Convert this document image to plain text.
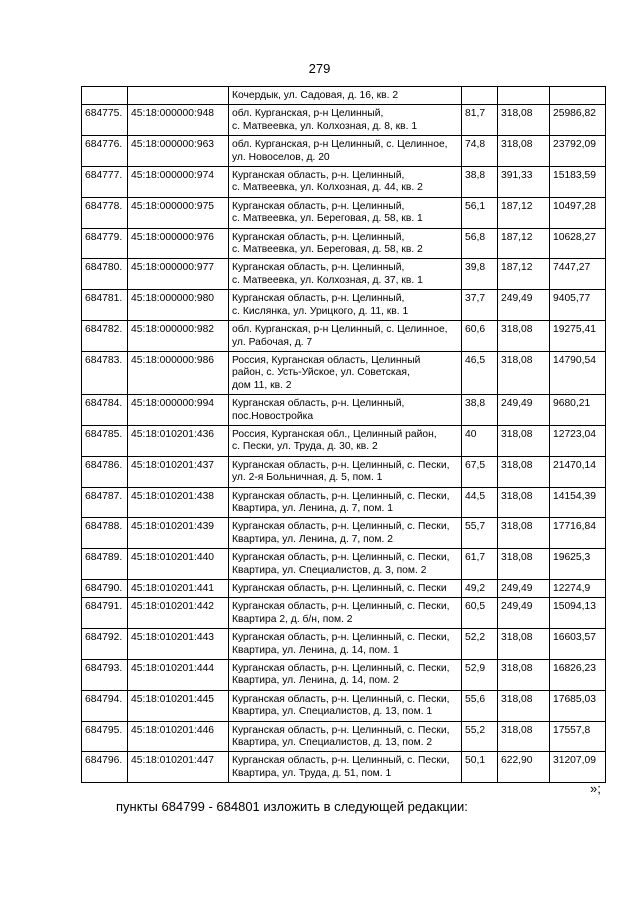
279

		Кочердык, ул. Садовая, д. 16, кв. 2			

684775.	45:18:000000:948	обл. Курганская, р-н Целинный,
с. Матвеевка, ул. Колхозная, д. 8, кв. 1	81,7	318,08	25986,82
684776.	45:18:000000:963	обл. Курганская, р-н Целинный, с. Целинное,
ул. Новоселов, д. 20	74,8	318,08	23792,09
684777.	45:18:000000:974	Курганская область, р-н. Целинный,
с. Матвеевка, ул. Колхозная, д. 44, кв. 2	38,8	391,33	15183,59
684778.	45:18:000000:975	Курганская область, р-н. Целинный,
с. Матвеевка, ул. Береговая, д. 58, кв. 1	56,1	187,12	10497,28
684779.	45:18:000000:976	Курганская область, р-н. Целинный,
с. Матвеевка, ул. Береговая, д. 58, кв. 2	56,8	187,12	10628,27
684780.	45:18:000000:977	Курганская область, р-н. Целинный,
с. Матвеевка, ул. Колхозная, д. 37, кв. 1	39,8	187,12	7447,27
684781.	45:18:000000:980	Курганская область, р-н. Целинный,
с. Кислянка, ул. Урицкого, д. 11, кв. 1	37,7	249,49	9405,77
684782.	45:18:000000:982	обл. Курганская, р-н Целинный, с. Целинное,
ул. Рабочая, д. 7	60,6	318,08	19275,41
684783.	45:18:000000:986	Россия, Курганская область, Целинный
район, с. Усть-Уйское, ул. Советская,
дом 11, кв. 2	46,5	318,08	14790,54
684784.	45:18:000000:994	Курганская область, р-н. Целинный,
пос.Новостройка	38,8	249,49	9680,21
684785.	45:18:010201:436	Россия, Курганская обл., Целинный район,
с. Пески, ул. Труда, д. 30, кв. 2	40	318,08	12723,04
684786.	45:18:010201:437	Курганская область, р-н. Целинный, с. Пески,
ул. 2-я Больничная, д. 5, пом. 1	67,5	318,08	21470,14
684787.	45:18:010201:438	Курганская область, р-н. Целинный, с. Пески,
Квартира, ул. Ленина, д. 7, пом. 1	44,5	318,08	14154,39
684788.	45:18:010201:439	Курганская область, р-н. Целинный, с. Пески,
Квартира, ул. Ленина, д. 7, пом. 2	55,7	318,08	17716,84
684789.	45:18:010201:440	Курганская область, р-н. Целинный, с. Пески,
Квартира, ул. Специалистов, д. 3, пом. 2	61,7	318,08	19625,3
684790.	45:18:010201:441	Курганская область, р-н. Целинный, с. Пески	49,2	249,49	12274,9
684791.	45:18:010201:442	Курганская область, р-н. Целинный, с. Пески,
Квартира 2, д. б/н, пом. 2	60,5	249,49	15094,13
684792.	45:18:010201:443	Курганская область, р-н. Целинный, с. Пески,
Квартира, ул. Ленина, д. 14, пом. 1	52,2	318,08	16603,57
684793.	45:18:010201:444	Курганская область, р-н. Целинный, с. Пески,
Квартира, ул. Ленина, д. 14, пом. 2	52,9	318,08	16826,23
684794.	45:18:010201:445	Курганская область, р-н. Целинный, с. Пески,
Квартира, ул. Специалистов, д. 13, пом. 1	55,6	318,08	17685,03
684795.	45:18:010201:446	Курганская область, р-н. Целинный, с. Пески,
Квартира, ул. Специалистов, д. 13, пом. 2	55,2	318,08	17557,8
684796.	45:18:010201:447	Курганская область, р-н. Целинный, с. Пески,
Квартира, ул. Труда, д. 51, пом. 1	50,1	622,90	31207,09
»;
пункты 684799 - 684801 изложить в следующей редакции:
